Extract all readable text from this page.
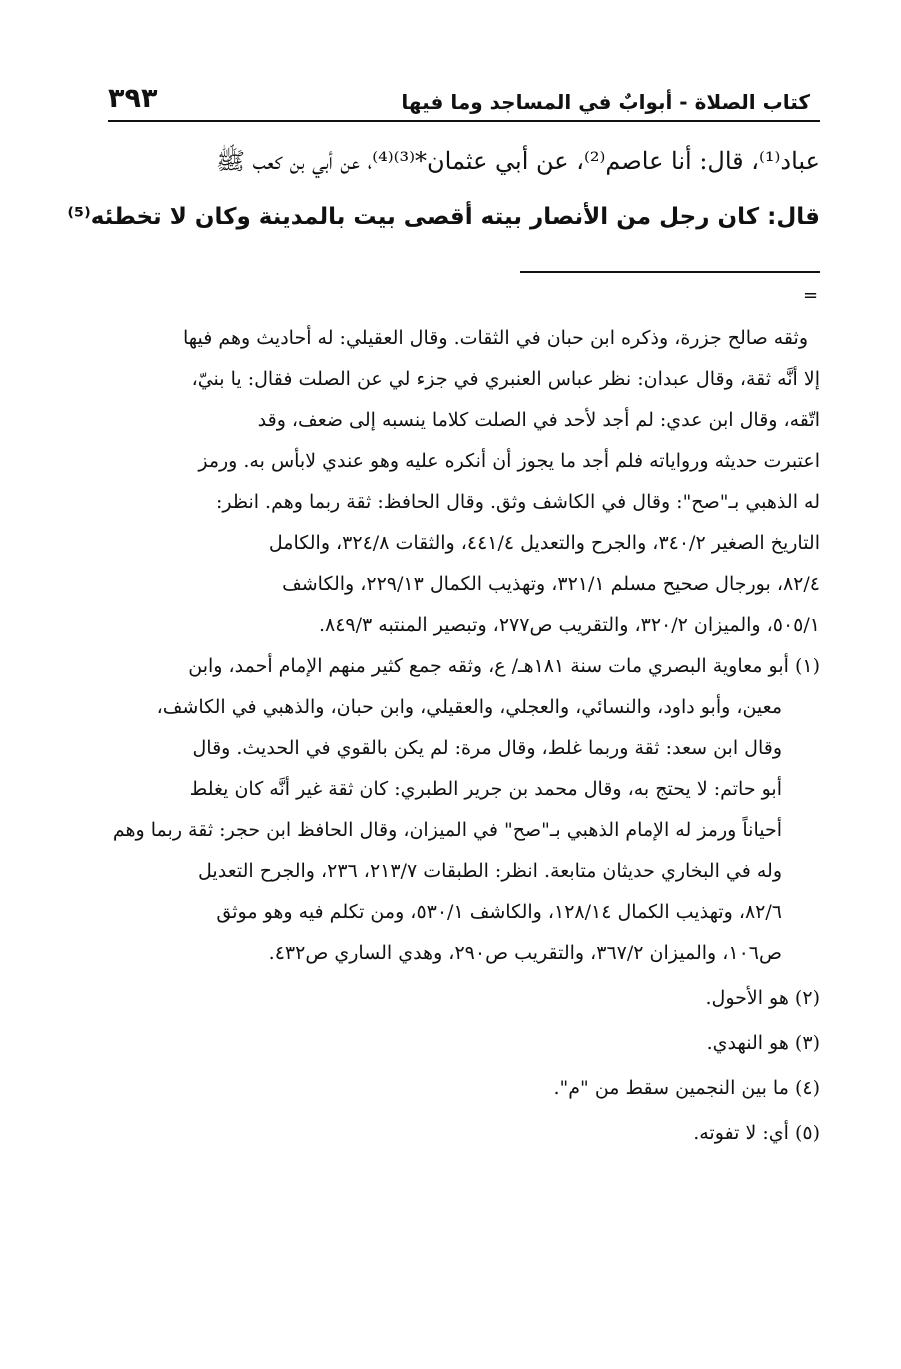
٣٩٣	كتاب الصلاة - أبوابٌ في المساجد وما فيها
عباد⁽¹⁾، قال: أنا عاصم⁽²⁾، عن أبي عثمان*⁽³⁾⁽⁴⁾، عن أبي بن كعب ﷺ
قال: كان رجل من الأنصار بيته أقصى بيت بالمدينة وكان لا تخطئه⁽⁵⁾
=
وثقه صالح جزرة، وذكره ابن حبان في الثقات. وقال العقيلي: له أحاديث وهم فيها
إلا أنَّه ثقة، وقال عبدان: نظر عباس العنبري في جزء لي عن الصلت فقال: يا بنيّ،
اتّقه، وقال ابن عدي: لم أجد لأحد في الصلت كلاما ينسبه إلى ضعف، وقد
اعتبرت حديثه ورواياته فلم أجد ما يجوز أن أنكره عليه وهو عندي لابأس به. ورمز
له الذهبي بـ"صح": وقال في الكاشف وثق. وقال الحافظ: ثقة ربما وهم. انظر:
التاريخ الصغير ٣٤٠/٢، والجرح والتعديل ٤٤١/٤، والثقات ٣٢٤/٨، والكامل
٨٢/٤، بورجال صحيح مسلم ٣٢١/١، وتهذيب الكمال ٢٢٩/١٣، والكاشف
٥٠٥/١، والميزان ٣٢٠/٢، والتقريب ص٢٧٧، وتبصير المنتبه ٨٤٩/٣.
(١) أبو معاوية البصري مات سنة ١٨١هـ/ ع، وثقه جمع كثير منهم الإمام أحمد، وابن
معين، وأبو داود، والنسائي، والعجلي، والعقيلي، وابن حبان، والذهبي في الكاشف،
وقال ابن سعد: ثقة وربما غلط، وقال مرة: لم يكن بالقوي في الحديث. وقال
أبو حاتم: لا يحتج به، وقال محمد بن جرير الطبري: كان ثقة غير أنَّه كان يغلط
أحياناً ورمز له الإمام الذهبي بـ"صح" في الميزان، وقال الحافظ ابن حجر: ثقة ربما وهم
وله في البخاري حديثان متابعة. انظر: الطبقات ٢١٣/٧، ٢٣٦، والجرح التعديل
٨٢/٦، وتهذيب الكمال ١٢٨/١٤، والكاشف ٥٣٠/١، ومن تكلم فيه وهو موثق
ص١٠٦، والميزان ٣٦٧/٢، والتقريب ص٢٩٠، وهدي الساري ص٤٣٢.
(٢) هو الأحول.
(٣) هو النهدي.
(٤) ما بين النجمين سقط من "م".
(٥) أي: لا تفوته.
